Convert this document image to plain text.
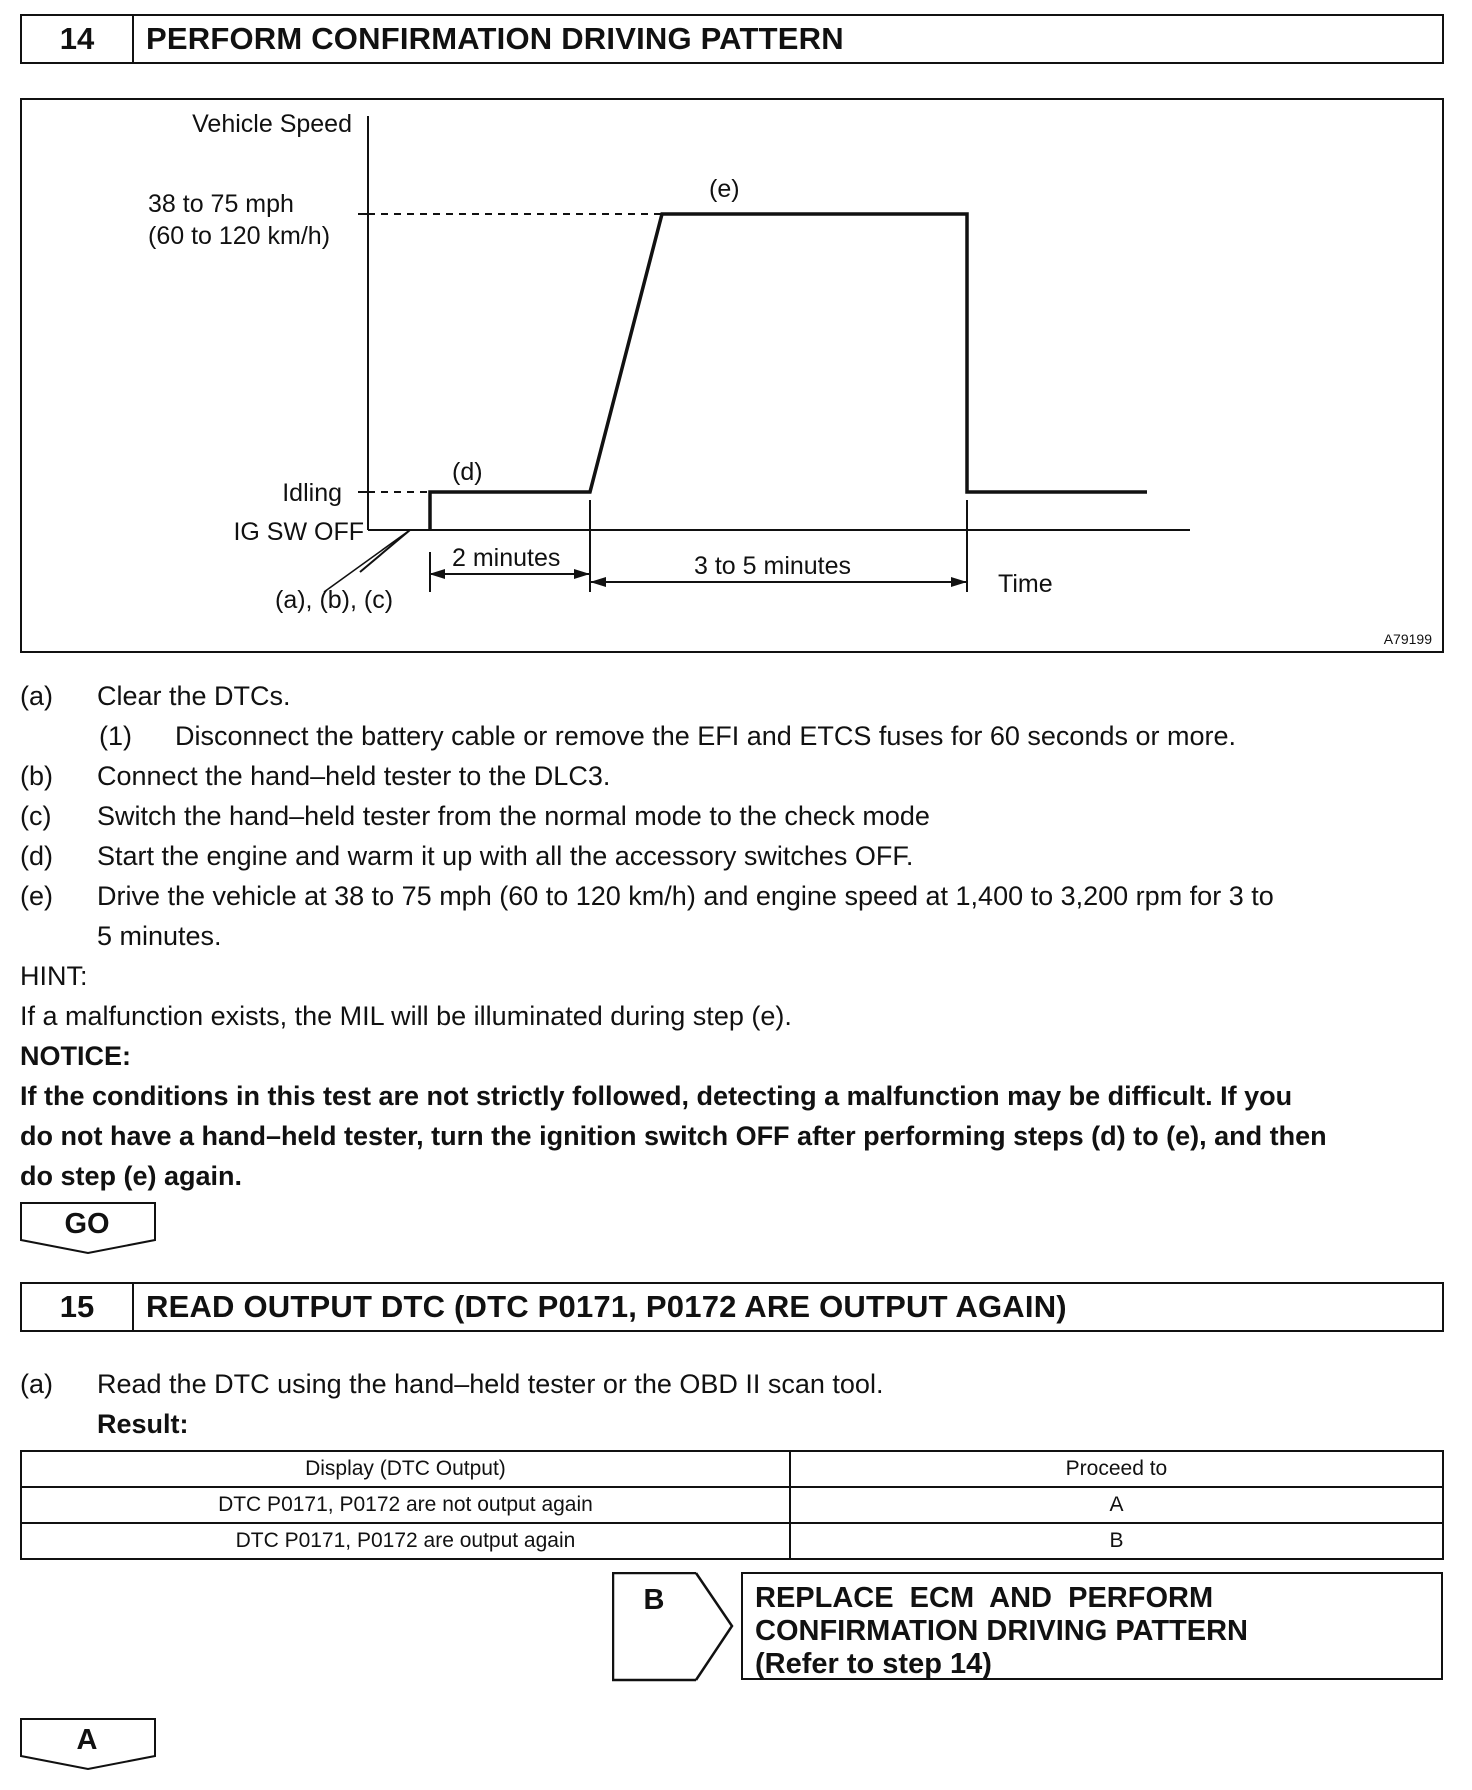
14	PERFORM CONFIRMATION DRIVING PATTERN
Vehicle Speed
38 to 75 mph
(60 to 120 km/h)
Idling
IG SW OFF
(e)
(d)
(a), (b), (c)
2 minutes	3 to 5 minutes
Time
A79199
(a) Clear the DTCs.
(1) Disconnect the battery cable or remove the EFI and ETCS fuses for 60 seconds or more.
(b) Connect the hand–held tester to the DLC3.
(c) Switch the hand–held tester from the normal mode to the check mode
(d) Start the engine and warm it up with all the accessory switches OFF.
(e) Drive the vehicle at 38 to 75 mph (60 to 120 km/h) and engine speed at 1,400 to 3,200 rpm for 3 to
5 minutes.
HINT:
If a malfunction exists, the MIL will be illuminated during step (e).
NOTICE:
If the conditions in this test are not strictly followed, detecting a malfunction may be difficult. If you
do not have a hand–held tester, turn the ignition switch OFF after performing steps (d) to (e), and then
do step (e) again.
GO
15	READ OUTPUT DTC (DTC P0171, P0172 ARE OUTPUT AGAIN)
(a) Read the DTC using the hand–held tester or the OBD II scan tool.
Result:
Display (DTC Output)	Proceed to
DTC P0171, P0172 are not output again	A
DTC P0171, P0172 are output again	B
B	REPLACE  ECM  AND  PERFORM
CONFIRMATION DRIVING PATTERN
(Refer to step 14)
A
